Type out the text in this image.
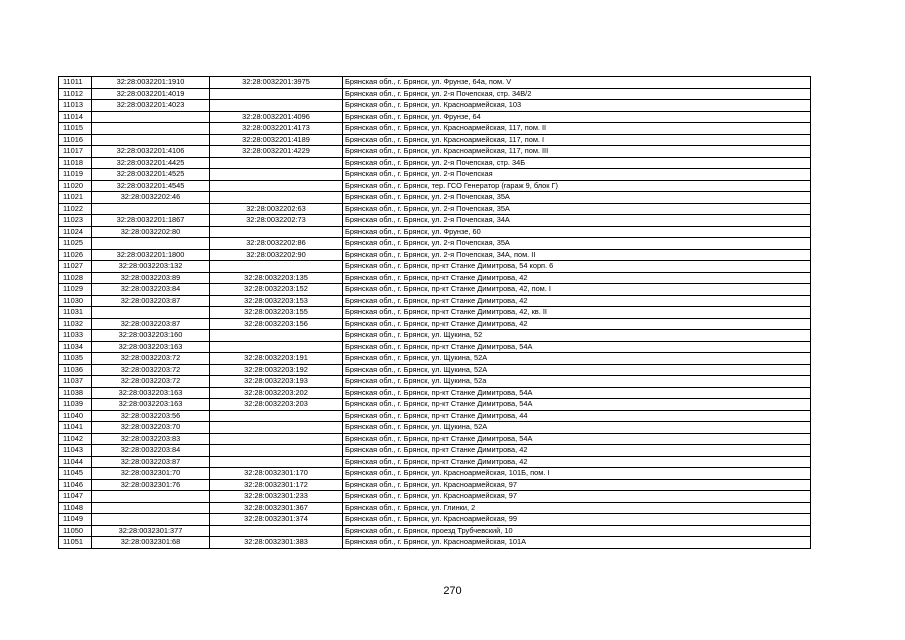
11011	32:28:0032201:1910	32:28:0032201:3975	Брянская обл., г. Брянск, ул. Фрунзе, 64а, пом. V
11012	32:28:0032201:4019		Брянская обл., г. Брянск, ул. 2-я Почепская, стр. 34В/2
11013	32:28:0032201:4023		Брянская обл., г. Брянск, ул. Красноармейская, 103
11014		32:28:0032201:4096	Брянская обл., г. Брянск, ул. Фрунзе, 64
11015		32:28:0032201:4173	Брянская обл., г. Брянск, ул. Красноармейская, 117, пом. II
11016		32:28:0032201:4189	Брянская обл., г. Брянск, ул. Красноармейская, 117, пом. I
11017	32:28:0032201:4106	32:28:0032201:4229	Брянская обл., г. Брянск, ул. Красноармейская, 117, пом. III
11018	32:28:0032201:4425		Брянская обл., г. Брянск, ул. 2-я Почепская, стр. 34Б
11019	32:28:0032201:4525		Брянская обл., г. Брянск, ул. 2-я Почепская
11020	32:28:0032201:4545		Брянская обл., г. Брянск, тер. ГСО Генератор (гараж 9, блок Г)
11021	32:28:0032202:46		Брянская обл., г. Брянск, ул. 2-я Почепская, 35А
11022		32:28:0032202:63	Брянская обл., г. Брянск, ул. 2-я Почепская, 35А
11023	32:28:0032201:1867	32:28:0032202:73	Брянская обл., г. Брянск, ул. 2-я Почепская, 34А
11024	32:28:0032202:80		Брянская обл., г. Брянск, ул. Фрунзе, 60
11025		32:28:0032202:86	Брянская обл., г. Брянск, ул. 2-я Почепская, 35А
11026	32:28:0032201:1800	32:28:0032202:90	Брянская обл., г. Брянск, ул. 2-я Почепская, 34А, пом. II
11027	32:28:0032203:132		Брянская обл., г. Брянск, пр-кт Станке Димитрова, 54 корп. 6
11028	32:28:0032203:89	32:28:0032203:135	Брянская обл., г. Брянск, пр-кт Станке Димитрова, 42
11029	32:28:0032203:84	32:28:0032203:152	Брянская обл., г. Брянск, пр-кт Станке Димитрова, 42, пом. I
11030	32:28:0032203:87	32:28:0032203:153	Брянская обл., г. Брянск, пр-кт Станке Димитрова, 42
11031		32:28:0032203:155	Брянская обл., г. Брянск, пр-кт Станке Димитрова, 42, кв. II
11032	32:28:0032203:87	32:28:0032203:156	Брянская обл., г. Брянск, пр-кт Станке Димитрова, 42
11033	32:28:0032203:160		Брянская обл., г. Брянск, ул. Щукина, 52
11034	32:28:0032203:163		Брянская обл., г. Брянск, пр-кт Станке Димитрова, 54А
11035	32:28:0032203:72	32:28:0032203:191	Брянская обл., г. Брянск, ул. Щукина, 52А
11036	32:28:0032203:72	32:28:0032203:192	Брянская обл., г. Брянск, ул. Щукина, 52А
11037	32:28:0032203:72	32:28:0032203:193	Брянская обл., г. Брянск, ул. Щукина, 52а
11038	32:28:0032203:163	32:28:0032203:202	Брянская обл., г. Брянск, пр-кт Станке Димитрова, 54А
11039	32:28:0032203:163	32:28:0032203:203	Брянская обл., г. Брянск, пр-кт Станке Димитрова, 54А
11040	32:28:0032203:56		Брянская обл., г. Брянск, пр-кт Станке Димитрова, 44
11041	32:28:0032203:70		Брянская обл., г. Брянск, ул. Щукина, 52А
11042	32:28:0032203:83		Брянская обл., г. Брянск, пр-кт Станке Димитрова, 54А
11043	32:28:0032203:84		Брянская обл., г. Брянск, пр-кт Станке Димитрова, 42
11044	32:28:0032203:87		Брянская обл., г. Брянск, пр-кт Станке Димитрова, 42
11045	32:28:0032301:70	32:28:0032301:170	Брянская обл., г. Брянск, ул. Красноармейская, 101Б, пом. I
11046	32:28:0032301:76	32:28:0032301:172	Брянская обл., г. Брянск, ул. Красноармейская, 97
11047		32:28:0032301:233	Брянская обл., г. Брянск, ул. Красноармейская, 97
11048		32:28:0032301:367	Брянская обл., г. Брянск, ул. Глинки, 2
11049		32:28:0032301:374	Брянская обл., г. Брянск, ул. Красноармейская, 99
11050	32:28:0032301:377		Брянская обл., г. Брянск, проезд Трубчевский, 10
11051	32:28:0032301:68	32:28:0032301:383	Брянская обл., г. Брянск, ул. Красноармейская, 101А
270
